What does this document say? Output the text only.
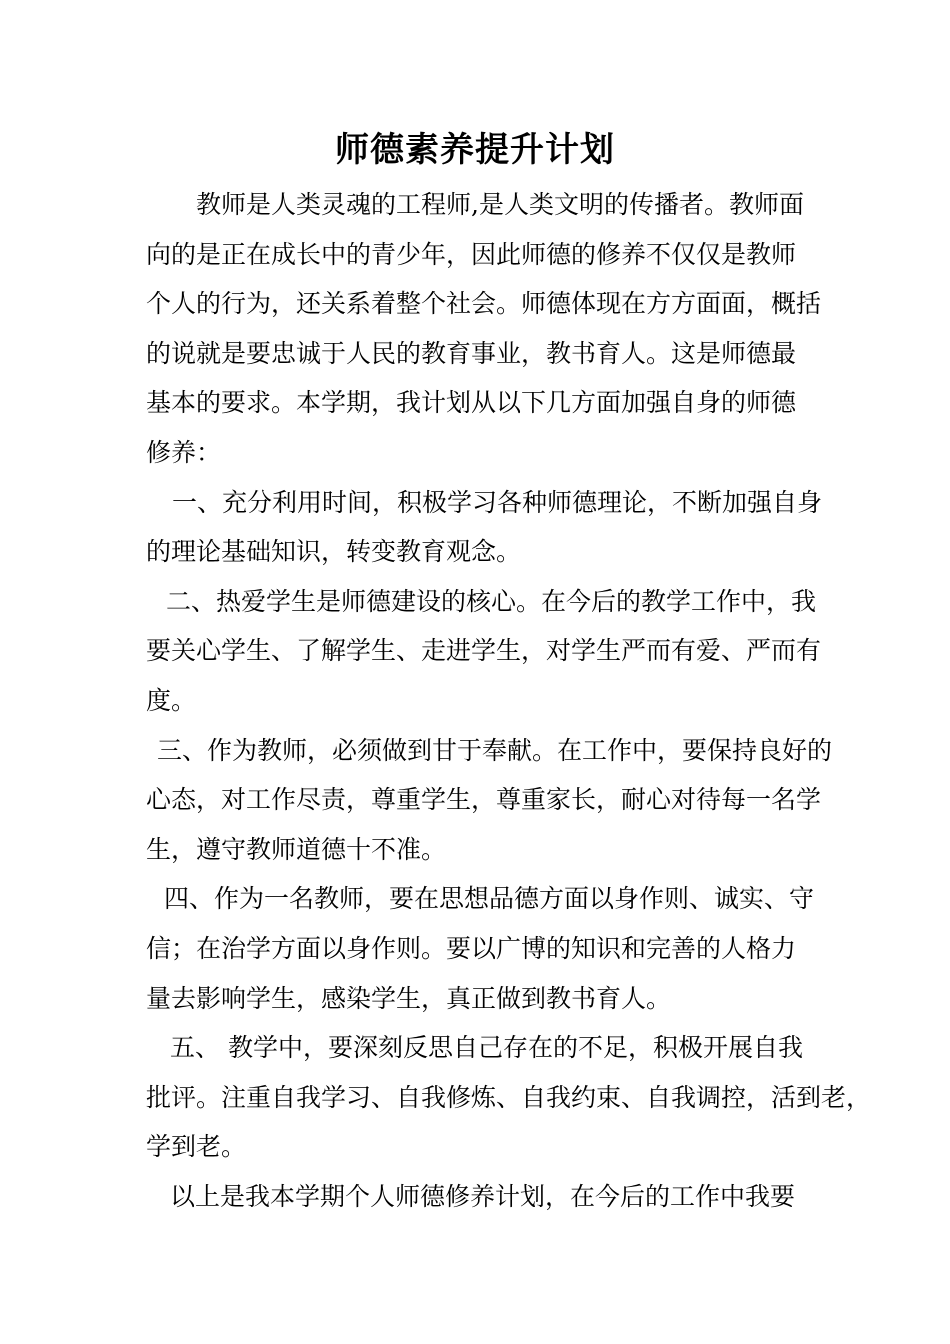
师德素养提升计划

教师是人类灵魂的工程师,是人类文明的传播者。教师面
向的是正在成长中的青少年，因此师德的修养不仅仅是教师
个人的行为，还关系着整个社会。师德体现在方方面面，概括
的说就是要忠诚于人民的教育事业，教书育人。这是师德最
基本的要求。本学期，我计划从以下几方面加强自身的师德
修养：

一、充分利用时间，积极学习各种师德理论，不断加强自身
的理论基础知识，转变教育观念。

二、热爱学生是师德建设的核心。在今后的教学工作中，我
要关心学生、了解学生、走进学生，对学生严而有爱、严而有
度。

三、作为教师，必须做到甘于奉献。在工作中，要保持良好的
心态，对工作尽责，尊重学生，尊重家长，耐心对待每一名学
生，遵守教师道德十不准。

四、作为一名教师，要在思想品德方面以身作则、诚实、守
信；在治学方面以身作则。要以广博的知识和完善的人格力
量去影响学生，感染学生，真正做到教书育人。

五、 教学中，要深刻反思自己存在的不足，积极开展自我
批评。注重自我学习、自我修炼、自我约束、自我调控，活到老，
学到老。

以上是我本学期个人师德修养计划，在今后的工作中我要
